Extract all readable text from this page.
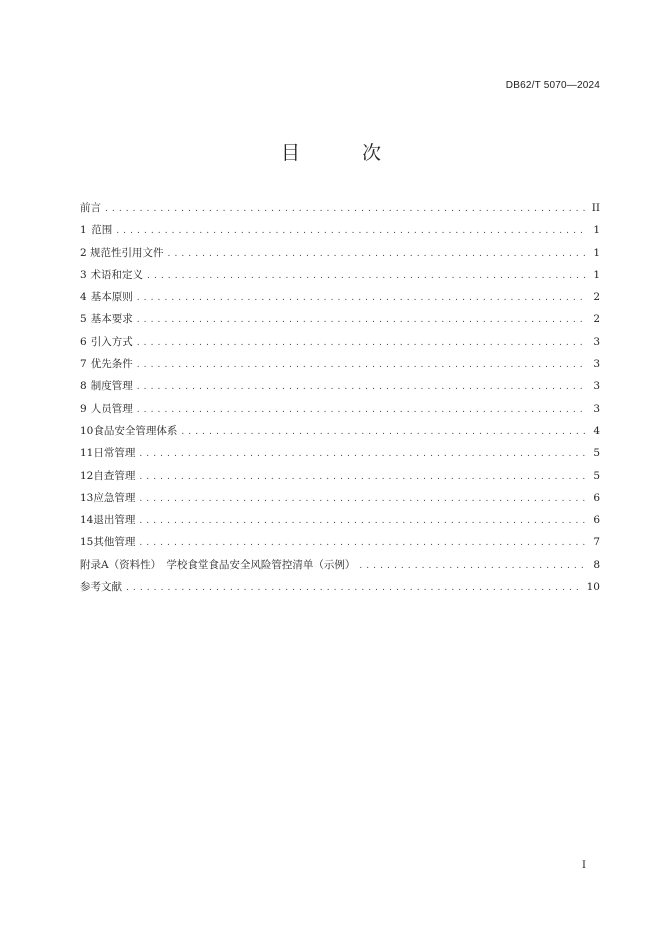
DB62/T 5070—2024
目 次
前言 . . .	II
1 范围 . . .	1
2 规范性引用文件 . . .	1
3 术语和定义 . . .	1
4 基本原则 . . .	2
5 基本要求 . . .	2
6 引入方式 . . .	3
7 优先条件 . . .	3
8 制度管理 . . .	3
9 人员管理 . . .	3
10 食品安全管理体系 . . .	4
11 日常管理 . . .	5
12 自查管理 . . .	5
13 应急管理 . . .	6
14 退出管理 . . .	6
15 其他管理 . . .	7
附录A（资料性）　学校食堂食品安全风险管控清单（示例） . . .	8
参考文献 . . .	10
I
